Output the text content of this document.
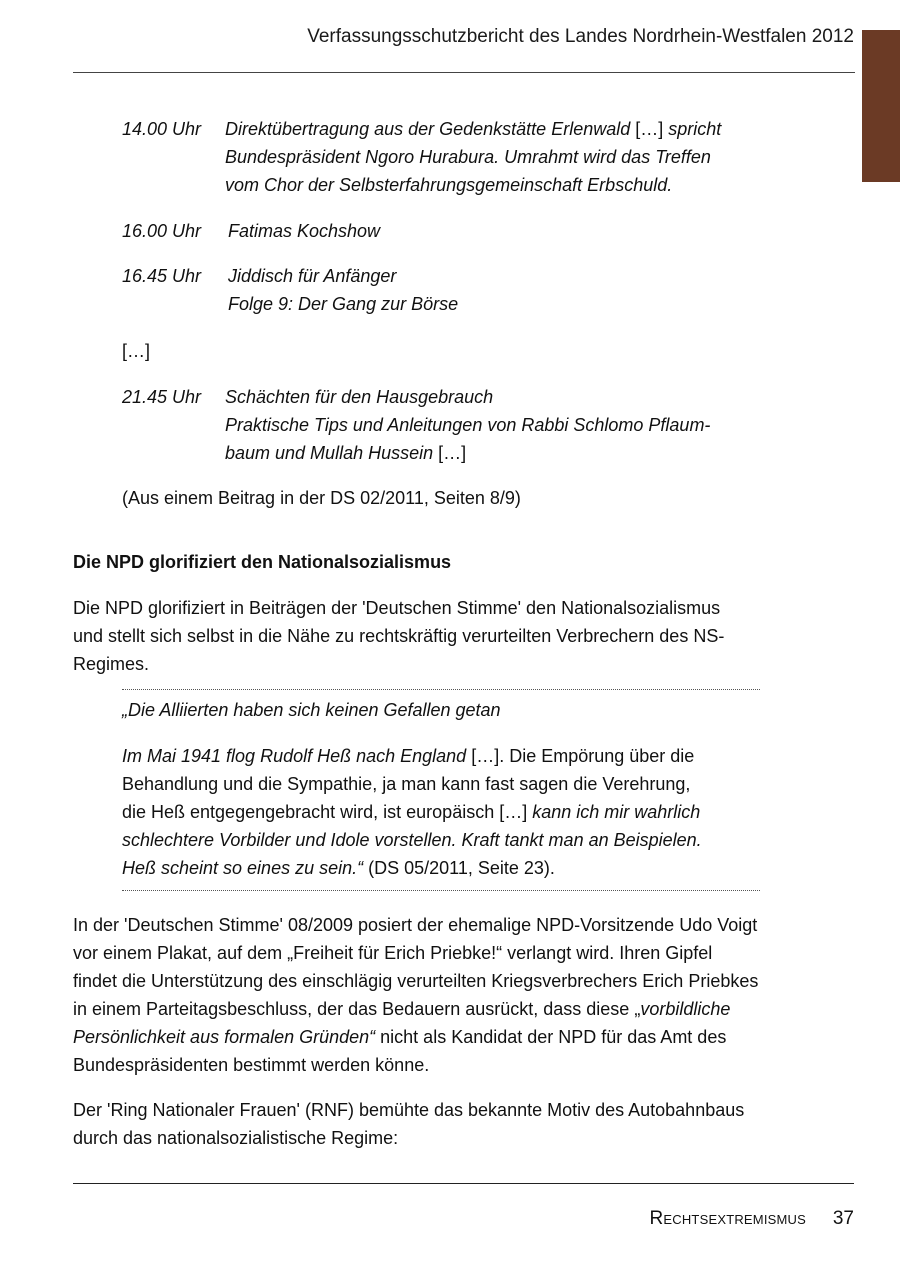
Verfassungsschutzbericht des Landes Nordrhein-Westfalen 2012
14.00 Uhr Direktübertragung aus der Gedenkstätte Erlenwald […] spricht
Bundespräsident Ngoro Hurabura. Umrahmt wird das Treffen
vom Chor der Selbsterfahrungsgemeinschaft Erbschuld.
16.00 Uhr Fatimas Kochshow
16.45 Uhr Jiddisch für Anfänger
Folge 9: Der Gang zur Börse
[…]
21.45 Uhr Schächten für den Hausgebrauch
Praktische Tips und Anleitungen von Rabbi Schlomo Pflaum-
baum und Mullah Hussein […]
(Aus einem Beitrag in der DS 02/2011, Seiten 8/9)
Die NPD glorifiziert den Nationalsozialismus
Die NPD glorifiziert in Beiträgen der 'Deutschen Stimme' den Nationalsozialismus
und stellt sich selbst in die Nähe zu rechtskräftig verurteilten Verbrechern des NS-
Regimes.
„Die Alliierten haben sich keinen Gefallen getan
Im Mai 1941 flog Rudolf Heß nach England […]. Die Empörung über die
Behandlung und die Sympathie, ja man kann fast sagen die Verehrung,
die Heß entgegengebracht wird, ist europäisch […] kann ich mir wahrlich
schlechtere Vorbilder und Idole vorstellen. Kraft tankt man an Beispielen.
Heß scheint so eines zu sein.“ (DS 05/2011, Seite 23).
In der 'Deutschen Stimme' 08/2009 posiert der ehemalige NPD-Vorsitzende Udo Voigt
vor einem Plakat, auf dem „Freiheit für Erich Priebke!“ verlangt wird. Ihren Gipfel
findet die Unterstützung des einschlägig verurteilten Kriegsverbrechers Erich Priebkes
in einem Parteitagsbeschluss, der das Bedauern ausrückt, dass diese „vorbildliche
Persönlichkeit aus formalen Gründen“ nicht als Kandidat der NPD für das Amt des
Bundespräsidenten bestimmt werden könne.
Der 'Ring Nationaler Frauen' (RNF) bemühte das bekannte Motiv des Autobahnbaus
durch das nationalsozialistische Regime:
Rechtsextremismus 37
